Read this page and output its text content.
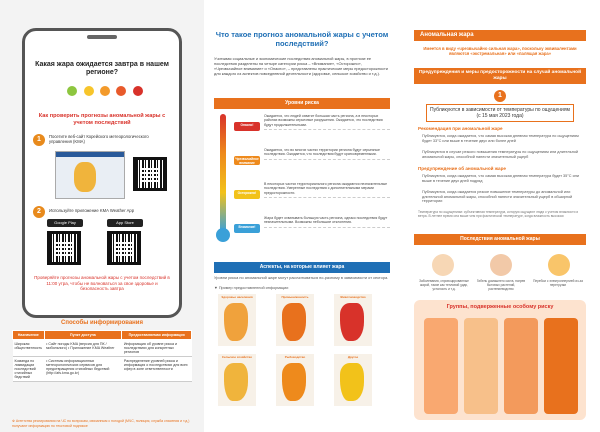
Какая жара ожидается завтра в нашем регионе?

Как проверить прогнозы аномальной жары с учетом последствий
1	Посетите веб-сайт Корейского метеорологического управления (KMA)
2	Используйте приложение KMA Weather App
Google Play	App Store
Проверяйте прогнозы аномальной жары с учетом последствий в 11:00 утра, чтобы не волноваться за свое здоровье и безопасность завтра
Способы информирования
Назначение	Пункт доступа	Предоставляемая информация
Широкая общественность	• Сайт погоды KMA (версия для ПК / мобильного) • Приложение KMA Weather	Информация об уровне риска и последствиях для конкретных регионов
Команда по ликвидации последствий стихийных бедствий	• Системы информационных метеорологических сервисов для предотвращения стихийных бедствий (http://afs.kma.go.kr)	Распределение уровней риска и информация о последствиях для всех сфер в зоне ответственности
※ Агентства реагирования на ЧС по вопросам, связанным с погодой (МЧС, полиция, служба спасения и т.д.) получают информацию по текстовой подписке
Что такое прогноз аномальной жары с учетом последствий?
Учитывая социальные и экономические последствия аномальной жары, в прогнозе ее последствия разделены на четыре категории риска – «Внимание», «Осторожно», «Чрезвычайное внимание» и «Опасно», – представлены практические меры предосторожности для каждого из аспектов повседневной деятельности (здоровье, сельское хозяйство и т.д.).
Уровни риска
Опасно!
Ожидается, что людей охватит большая часть региона, а в некоторых районах возможны серьезные разрушения. Ожидается, что последствия будут продолжительными.
Чрезвычайное внимание
Ожидается, что во многих частях территории региона будут серьезные последствия. Ожидается, что последствия будут кратковременными.
Осторожно!
В некоторых частях территориального региона ожидаются незначительные последствия. Умеренные последствия с дополнительными мерами предосторожности.
Внимание!
Жара будет охватывать большую часть региона, однако последствия будут незначительными. Возможны небольшие отклонения.
Аспекты, на которые влияет жара
Уровни риска по аномальной жаре могут рассчитываться по-разному в зависимости от сектора.
▼ Пример предоставленной информации
Здоровье населения	Промышленность	Животноводство
Сельское хозяйство	Рыбоводство	Другое
Аномальная жара
Имеется в виду «чрезвычайно сильная жара», поскольку эквивалентами являются «экстремальная» или «палящая жара»
Предупреждения и меры предосторожности на случай аномальной жары
1
Публикуются в зависимости от температуры по ощущениям (с 15 мая 2023 года)
Рекомендация при аномальной жаре
Публикуются, когда ожидается, что самая высокая дневная температура по ощущениям будет 33°С или выше в течение двух или более дней
Публикуются в случае резкого повышения температуры по ощущениям или длительной аномальной жары, способной нанести значительный ущерб
Предупреждение об аномальной жаре
Публикуются, когда ожидается, что самая высокая дневная температура будет 35°С или выше в течение двух дней подряд
Публикуются, когда ожидается резкое повышение температуры до аномальной или длительной аномальной жары, способной нанести значительный ущерб в обширной территории
Температура по ощущениям: субъективная температура, которую ощущают люди с учетом влажности и ветра. В летнее время она выше чем при фактической температуре, когда влажность высокая
Последствия аномальной жары
Заболевания, спровоцированные жарой, такие как тепловой удар, усталость и т.д.
Гибель домашнего скота, нагрев бытовых растений, растениеводство
Перебои с электроэнергией из-за перегрузки
Группы, подверженные особому риску
